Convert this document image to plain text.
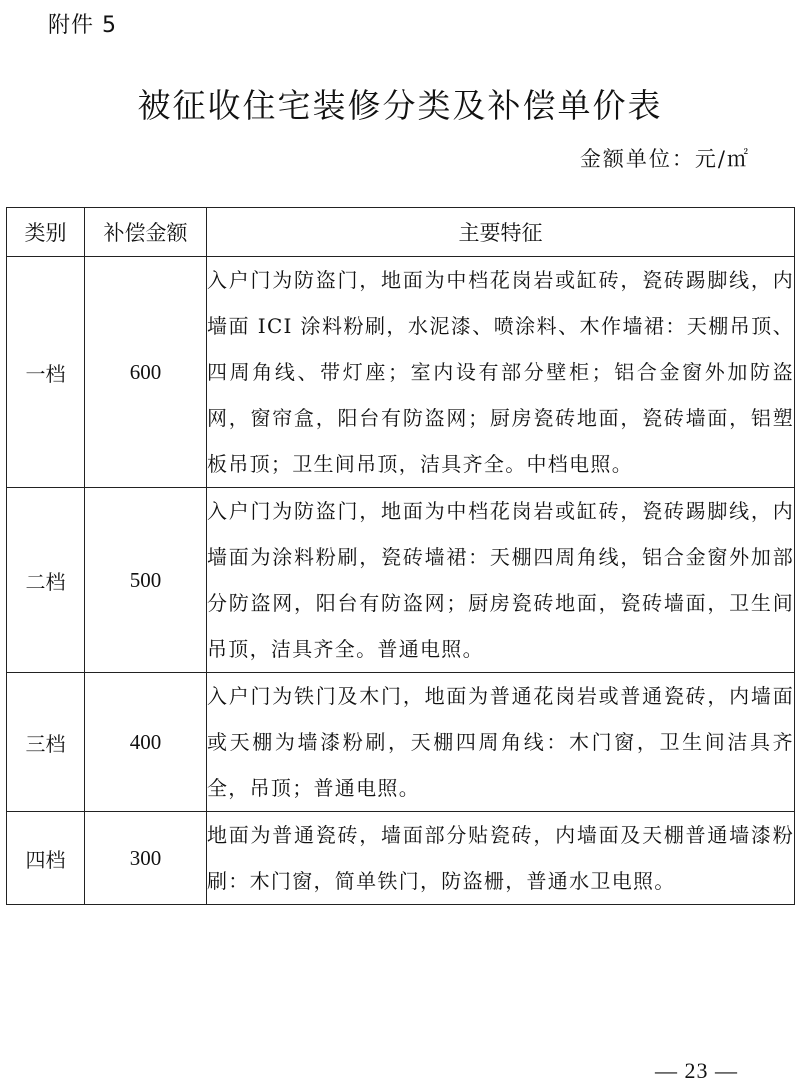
附件 5
被征收住宅装修分类及补偿单价表
金额单位：元/㎡
类别	补偿金额	主要特征
一档	600	入户门为防盗门，地面为中档花岗岩或缸砖，瓷砖踢脚线，内墙面 ICI 涂料粉刷，水泥漆、喷涂料、木作墙裙：天棚吊顶、四周角线、带灯座；室内设有部分壁柜；铝合金窗外加防盗网，窗帘盒，阳台有防盗网；厨房瓷砖地面，瓷砖墙面，铝塑板吊顶；卫生间吊顶，洁具齐全。中档电照。
二档	500	入户门为防盗门，地面为中档花岗岩或缸砖，瓷砖踢脚线，内墙面为涂料粉刷，瓷砖墙裙：天棚四周角线，铝合金窗外加部分防盗网，阳台有防盗网；厨房瓷砖地面，瓷砖墙面，卫生间吊顶，洁具齐全。普通电照。
三档	400	入户门为铁门及木门，地面为普通花岗岩或普通瓷砖，内墙面或天棚为墙漆粉刷，天棚四周角线：木门窗，卫生间洁具齐全，吊顶；普通电照。
四档	300	地面为普通瓷砖，墙面部分贴瓷砖，内墙面及天棚普通墙漆粉刷：木门窗，简单铁门，防盗栅，普通水卫电照。
— 23 —
